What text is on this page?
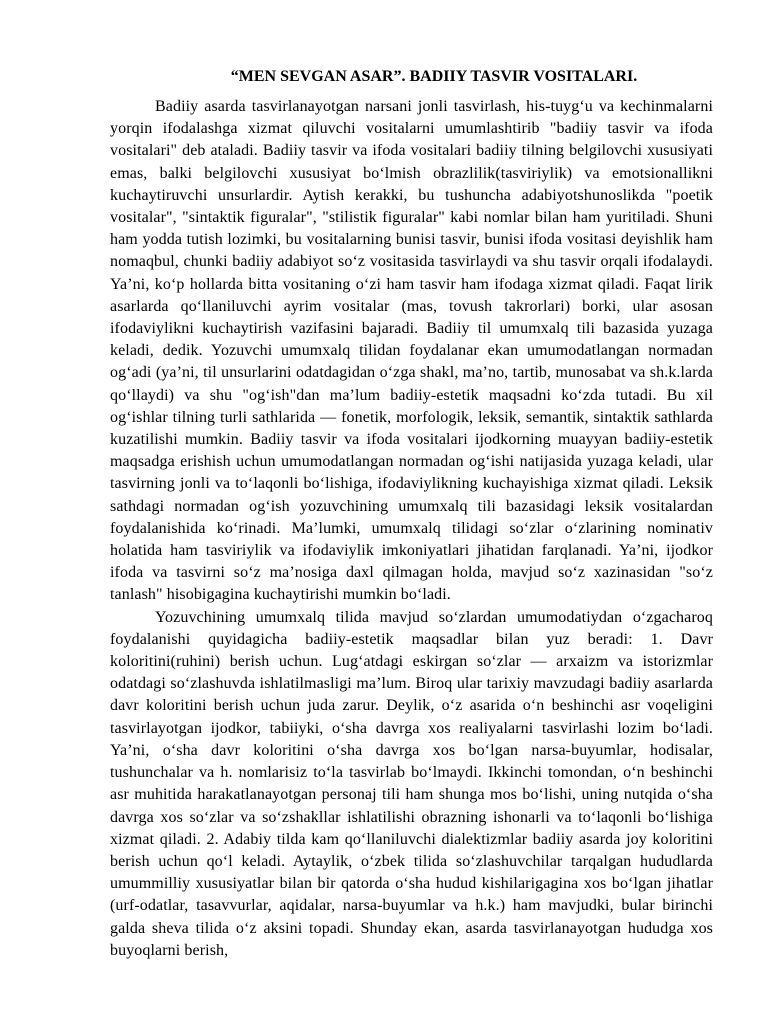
“MEN SEVGAN ASAR”. BADIIY TASVIR VOSITALARI.

Badiiy asarda tasvirlanayotgan narsani jonli tasvirlash, his-tuyg‘u va kechinmalarni yorqin ifodalashga xizmat qiluvchi vositalarni umumlashtirib "badiiy tasvir va ifoda vositalari" deb ataladi. Badiiy tasvir va ifoda vositalari badiiy tilning belgilovchi xususiyati emas, balki belgilovchi xususiyat bo‘lmish obrazlilik(tasviriylik) va emotsionallikni kuchaytiruvchi unsurlardir. Aytish kerakki, bu tushuncha adabiyotshunoslikda "poetik vositalar", "sintaktik figuralar", "stilistik figuralar" kabi nomlar bilan ham yuritiladi. Shuni ham yodda tutish lozimki, bu vositalarning bunisi tasvir, bunisi ifoda vositasi deyishlik ham nomaqbul, chunki badiiy adabiyot so‘z vositasida tasvirlaydi va shu tasvir orqali ifodalaydi. Ya’ni, ko‘p hollarda bitta vositaning o‘zi ham tasvir ham ifodaga xizmat qiladi. Faqat lirik asarlarda qo‘llaniluvchi ayrim vositalar (mas, tovush takrorlari) borki, ular asosan ifodaviylikni kuchaytirish vazifasini bajaradi. Badiiy til umumxalq tili bazasida yuzaga keladi, dedik. Yozuvchi umumxalq tilidan foydalanar ekan umumodatlangan normadan og‘adi (ya’ni, til unsurlarini odatdagidan o‘zga shakl, ma’no, tartib, munosabat va sh.k.larda qo‘llaydi) va shu "og‘ish"dan ma’lum badiiy-estetik maqsadni ko‘zda tutadi. Bu xil og‘ishlar tilning turli sathlarida — fonetik, morfologik, leksik, semantik, sintaktik sathlarda kuzatilishi mumkin. Badiiy tasvir va ifoda vositalari ijodkorning muayyan badiiy-estetik maqsadga erishish uchun umumodatlangan normadan og‘ishi natijasida yuzaga keladi, ular tasvirning jonli va to‘laqonli bo‘lishiga, ifodaviylikning kuchayishiga xizmat qiladi. Leksik sathdagi normadan og‘ish yozuvchining umumxalq tili bazasidagi leksik vositalardan foydalanishida ko‘rinadi. Ma’lumki, umumxalq tilidagi so‘zlar o‘zlarining nominativ holatida ham tasviriylik va ifodaviylik imkoniyatlari jihatidan farqlanadi. Ya’ni, ijodkor ifoda va tasvirni so‘z ma’nosiga daxl qilmagan holda, mavjud so‘z xazinasidan "so‘z tanlash" hisobigagina kuchaytirishi mumkin bo‘ladi.

Yozuvchining umumxalq tilida mavjud so‘zlardan umumodatiydan o‘zgacharoq foydalanishi quyidagicha badiiy-estetik maqsadlar bilan yuz beradi: 1. Davr koloritini(ruhini) berish uchun. Lug‘atdagi eskirgan so‘zlar — arxaizm va istorizmlar odatdagi so‘zlashuvda ishlatilmasligi ma’lum. Biroq ular tarixiy mavzudagi badiiy asarlarda davr koloritini berish uchun juda zarur. Deylik, o‘z asarida o‘n beshinchi asr voqeligini tasvirlayotgan ijodkor, tabiiyki, o‘sha davrga xos realiyalarni tasvirlashi lozim bo‘ladi. Ya’ni, o‘sha davr koloritini o‘sha davrga xos bo‘lgan narsa-buyumlar, hodisalar, tushunchalar va h. nomlarisiz to‘la tasvirlab bo‘lmaydi. Ikkinchi tomondan, o‘n beshinchi asr muhitida harakatlanayotgan personaj tili ham shunga mos bo‘lishi, uning nutqida o‘sha davrga xos so‘zlar va so‘zshakllar ishlatilishi obrazning ishonarli va to‘laqonli bo‘lishiga xizmat qiladi. 2. Adabiy tilda kam qo‘llaniluvchi dialektizmlar badiiy asarda joy koloritini berish uchun qo‘l keladi. Aytaylik, o‘zbek tilida so‘zlashuvchilar tarqalgan hududlarda umummilliy xususiyatlar bilan bir qatorda o‘sha hudud kishilarigagina xos bo‘lgan jihatlar (urf-odatlar, tasavvurlar, aqidalar, narsa-buyumlar va h.k.) ham mavjudki, bular birinchi galda sheva tilida o‘z aksini topadi. Shunday ekan, asarda tasvirlanayotgan hududga xos buyoqlarni berish,
